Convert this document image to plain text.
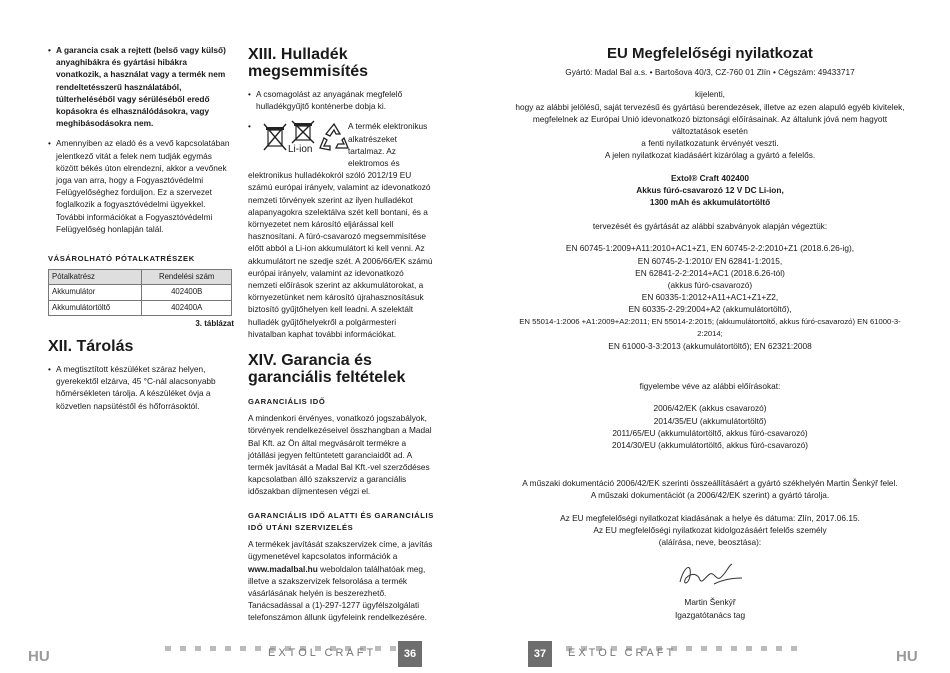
• A garancia csak a rejtett (belső vagy külső) anyaghibákra és gyártási hibákra vonatkozik, a használat vagy a termék nem rendeltetésszerű használatából, túlterheléséből vagy sérüléséből eredő kopásokra és elhasználódásokra, vagy meghibásodásokra nem.
• Amennyiben az eladó és a vevő kapcsolatában jelentkező vitát a felek nem tudják egymás között békés úton elrendezni, akkor a vevőnek joga van arra, hogy a Fogyasztóvédelmi Felügyelőséghez forduljon. Ez a szervezet foglalkozik a fogyasztóvédelmi ügyekkel. További információkat a Fogyasztóvédelmi Felügyelőség honlapján talál.
VÁSÁROLHATÓ PÓTALKATRÉSZEK
Pótalkatrész	Rendelési szám
Akkumulátor	402400B
Akkumulátortöltő	402400A
3. táblázat
XII. Tárolás
• A megtisztított készüléket száraz helyen, gyerekektől elzárva, 45 °C-nál alacsonyabb hőmérsékleten tárolja. A készüléket óvja a közvetlen napsütéstől és hőforrásoktól.
XIII. Hulladék megsemmisítés
• A csomagolást az anyagának megfelelő hulladékgyűjtő konténerbe dobja ki.
•
Li-ion
A termék elektronikus alkatrészeket tartalmaz. Az elektromos és elektronikus hulladékokról szóló 2012/19 EU számú európai irányelv, valamint az idevonatkozó nemzeti törvények szerint az ilyen hulladékot alapanyagokra szelektálva szét kell bontani, és a környezetet nem károsító eljárással kell hasznosítani. A fúró-csavarozó megsemmisítése előtt abból a Li-ion akkumulátort ki kell venni. Az akkumulátort ne szedje szét. A 2006/66/EK számú európai irányelv, valamint az idevonatkozó nemzeti előírások szerint az akkumulátorokat, a környezetünket nem károsító újrahasznosításuk biztosító gyűjtőhelyen kell leadni. A szelektált hulladék gyűjtőhelyekről a polgármesteri hivatalban kaphat további információkat.
XIV. Garancia és garanciális feltételek
GARANCIÁLIS IDŐ

A mindenkori érvényes, vonatkozó jogszabályok, törvények rendelkezéseivel összhangban a Madal Bal Kft. az Ön által megvásárolt termékre a jótállási jegyen feltüntetett garanciaidőt ad. A termék javítását a Madal Bal Kft.-vel szerződéses kapcsolatban álló szakszerviz a garanciális időszakban díjmentesen végzi el.

GARANCIÁLIS IDŐ ALATTI ÉS GARANCIÁLIS IDŐ UTÁNI SZERVIZELÉS

A termékek javítását szakszervizek címe, a javítás ügymenetével kapcsolatos információk a www.madalbal.hu weboldalon találhatóak meg, illetve a szakszervizek felsorolása a termék vásárlásának helyén is beszerezhető. Tanácsadással a (1)-297-1277 ügyfélszolgálati telefonszámon állunk ügyfeleink rendelkezésére.

EU Megfelelőségi nyilatkozat
Gyártó: Madal Bal a.s. • Bartošova 40/3, CZ-760 01 Zlín • Cégszám: 49433717
kijelenti,
hogy az alábbi jelölésű, saját tervezésű és gyártású berendezések, illetve az ezen alapuló egyéb kivitelek,
megfelelnek az Európai Unió idevonatkozó biztonsági előírásainak. Az általunk jóvá nem hagyott változtatások esetén
a fenti nyilatkozatunk érvényét veszti.
A jelen nyilatkozat kiadásáért kizárólag a gyártó a felelős.
Extol® Craft 402400
Akkus fúró-csavarozó 12 V DC Li-ion,
1300 mAh és akkumulátortöltő
tervezését és gyártását az alábbi szabványok alapján végeztük:
EN 60745-1:2009+A11:2010+AC1+Z1, EN 60745-2-2:2010+Z1 (2018.6.26-ig),
EN 60745-2-1:2010/ EN 62841-1:2015,
EN 62841-2-2:2014+AC1 (2018.6.26-tól)
(akkus fúró-csavarozó)
EN 60335-1:2012+A11+AC1+Z1+Z2,
EN 60335-2-29:2004+A2 (akkumulátortöltő),
EN 55014-1:2006 +A1:2009+A2:2011; EN 55014-2:2015; (akkumulátortöltő, akkus fúró-csavarozó) EN 61000-3-2:2014;
EN 61000-3-3:2013 (akkumulátortöltő); EN 62321:2008
figyelembe véve az alábbi előírásokat:
2006/42/EK (akkus csavarozó)
2014/35/EU (akkumulátortöltő)
2011/65/EU (akkumulátortöltő, akkus fúró-csavarozó)
2014/30/EU (akkumulátortöltő, akkus fúró-csavarozó)
A műszaki dokumentáció 2006/42/EK szerinti összeállításáért a gyártó székhelyén Martin Šenkýř felel.
A műszaki dokumentációt (a 2006/42/EK szerint) a gyártó tárolja.
Az EU megfelelőségi nyilatkozat kiadásának a helye és dátuma: Zlín, 2017.06.15.
Az EU megfelelőségi nyilatkozat kidolgozásáért felelős személy
(aláírása, neve, beosztása):
Martin Šenkýř
Igazgatótanács tag
HU	EXTOL CRAFT	36	37	EXTOL CRAFT	HU
